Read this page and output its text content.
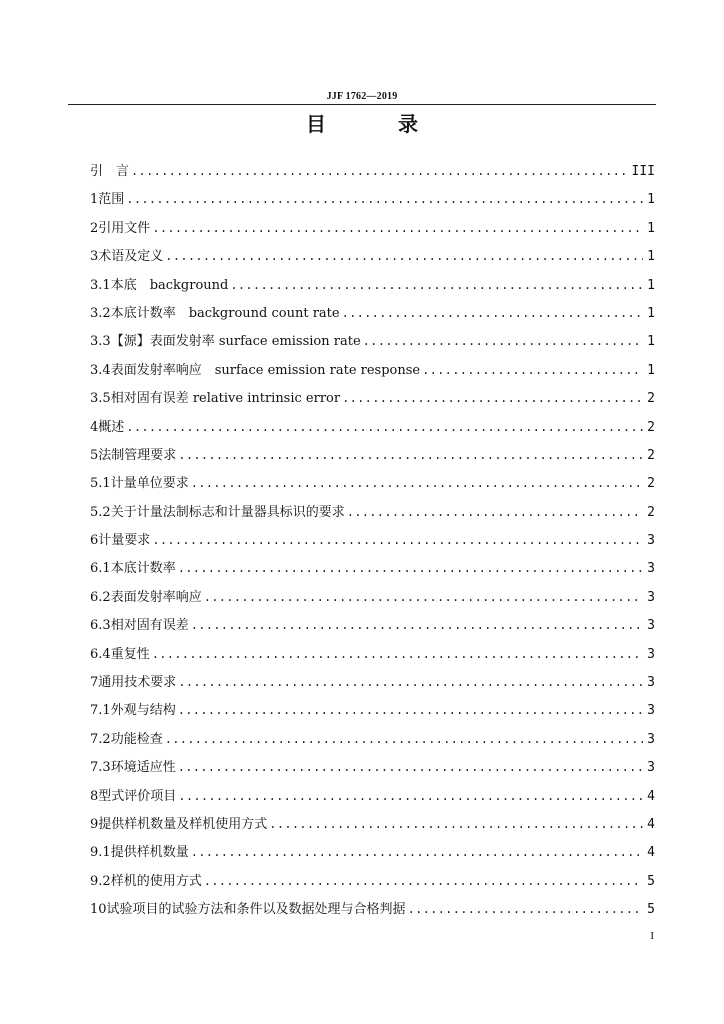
JJF 1762—2019
目　录
引　言 .....	III
1 范围 .....	1
2 引用文件 .....	1
3 术语及定义 .....	1
3.1 本底　background .....	1
3.2 本底计数率　background count rate .....	1
3.3 【源】表面发射率 surface emission rate .....	1
3.4 表面发射率响应　surface emission rate response .....	1
3.5 相对固有误差 relative intrinsic error .....	2
4 概述 .....	2
5 法制管理要求 .....	2
5.1 计量单位要求 .....	2
5.2 关于计量法制标志和计量器具标识的要求 .....	2
6 计量要求 .....	3
6.1 本底计数率 .....	3
6.2 表面发射率响应 .....	3
6.3 相对固有误差 .....	3
6.4 重复性 .....	3
7 通用技术要求 .....	3
7.1 外观与结构 .....	3
7.2 功能检查 .....	3
7.3 环境适应性 .....	3
8 型式评价项目 .....	4
9 提供样机数量及样机使用方式 .....	4
9.1 提供样机数量 .....	4
9.2 样机的使用方式 .....	5
10 试验项目的试验方法和条件以及数据处理与合格判据 .....	5
I
